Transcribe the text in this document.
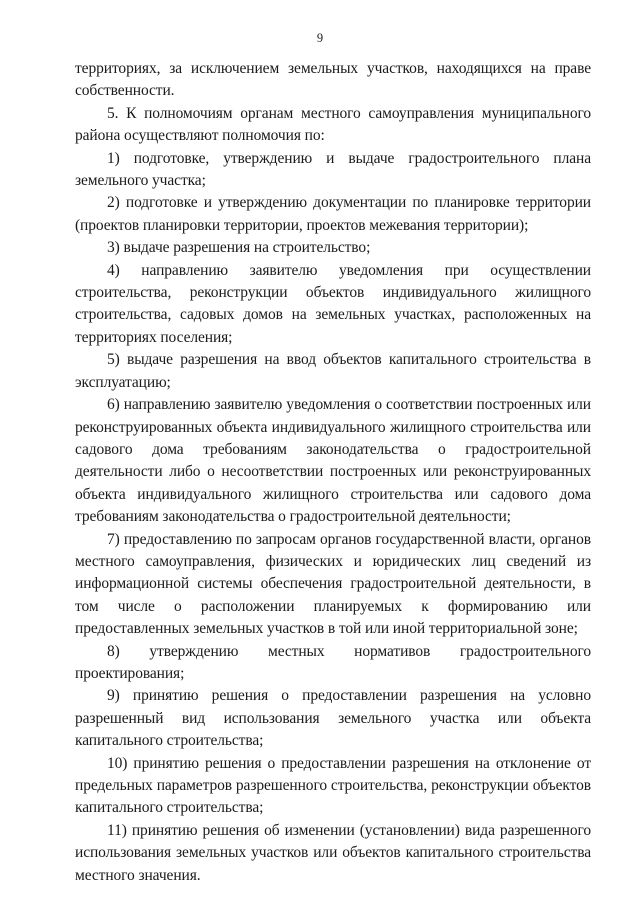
9

территориях, за исключением земельных участков, находящихся на праве собственности.

5. К полномочиям органам местного самоуправления муниципального района осуществляют полномочия по:

1) подготовке, утверждению и выдаче градостроительного плана земельного участка;

2) подготовке и утверждению документации по планировке территории (проектов планировки территории, проектов межевания территории);

3) выдаче разрешения на строительство;

4) направлению заявителю уведомления при осуществлении строительства, реконструкции объектов индивидуального жилищного строительства, садовых домов на земельных участках, расположенных на территориях поселения;

5) выдаче разрешения на ввод объектов капитального строительства в эксплуатацию;

6) направлению заявителю уведомления о соответствии построенных или реконструированных объекта индивидуального жилищного строительства или садового дома требованиям законодательства о градостроительной деятельности либо о несоответствии построенных или реконструированных объекта индивидуального жилищного строительства или садового дома требованиям законодательства о градостроительной деятельности;

7) предоставлению по запросам органов государственной власти, органов местного самоуправления, физических и юридических лиц сведений из информационной системы обеспечения градостроительной деятельности, в том числе о расположении планируемых к формированию или предоставленных земельных участков в той или иной территориальной зоне;

8) утверждению местных нормативов градостроительного проектирования;

9) принятию решения о предоставлении разрешения на условно разрешенный вид использования земельного участка или объекта капитального строительства;

10) принятию решения о предоставлении разрешения на отклонение от предельных параметров разрешенного строительства, реконструкции объектов капитального строительства;

11) принятию решения об изменении (установлении) вида разрешенного использования земельных участков или объектов капитального строительства местного значения.
